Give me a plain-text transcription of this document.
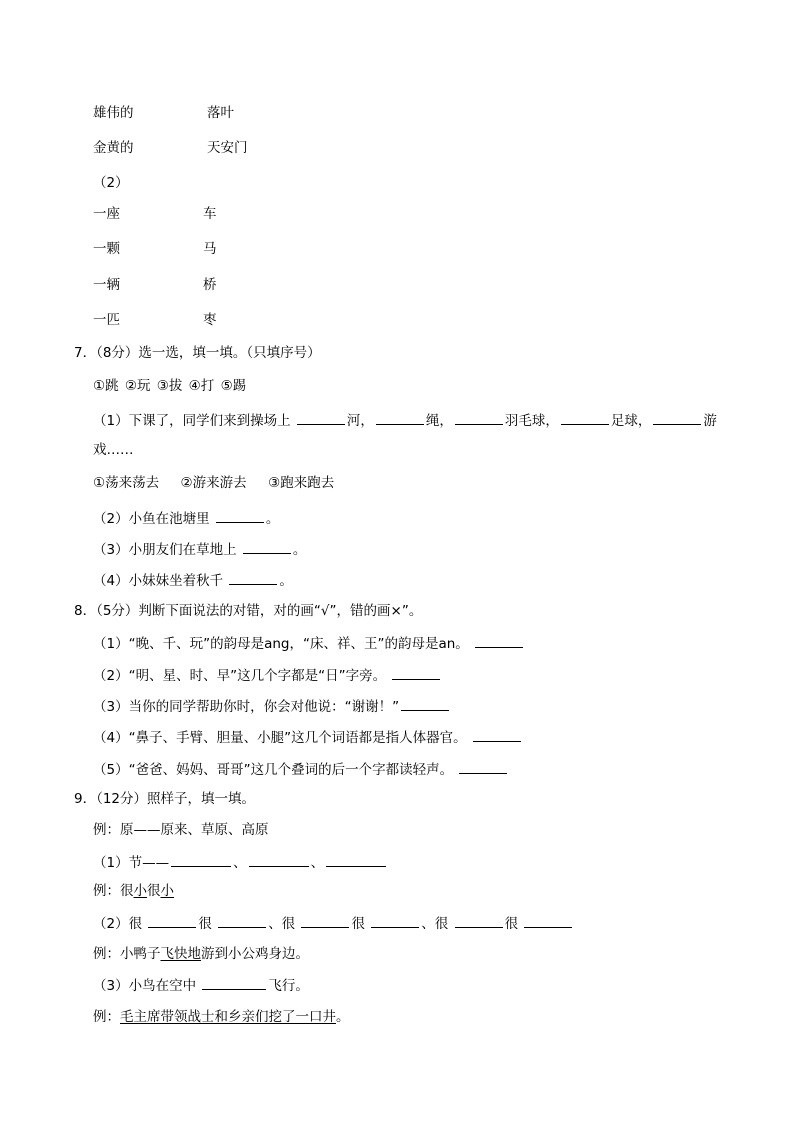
雄伟的	落叶
金黄的	天安门
（2）
一座	车
一颗	马
一辆	桥
一匹	枣
7．（8分）选一选，填一填。（只填序号）
①跳 ②玩 ③拔 ④打 ⑤踢
（1）下课了，同学们来到操场上	河，	绳，	羽毛球，	足球，	游
戏……
①荡来荡去     ②游来游去     ③跑来跑去
（2）小鱼在池塘里	。
（3）小朋友们在草地上	。
（4）小妹妹坐着秋千	。
8．（5分）判断下面说法的对错，对的画“√”，错的画×”。
（1）“晚、千、玩”的韵母是ang，“床、祥、王”的韵母是an。
（2）“明、星、时、早”这几个字都是“日”字旁。
（3）当你的同学帮助你时，你会对他说：“谢谢！”
（4）“鼻子、手臂、胆量、小腿”这几个词语都是指人体器官。
（5）“爸爸、妈妈、哥哥”这几个叠词的后一个字都读轻声。
9．（12分）照样子，填一填。
例：原——原来、草原、高原
（1）节——	、	、
例：很小很小
（2）很	很	、很	很	、很	很
例：小鸭子飞快地游到小公鸡身边。
（3）小鸟在空中	飞行。
例：毛主席带领战士和乡亲们挖了一口井。
